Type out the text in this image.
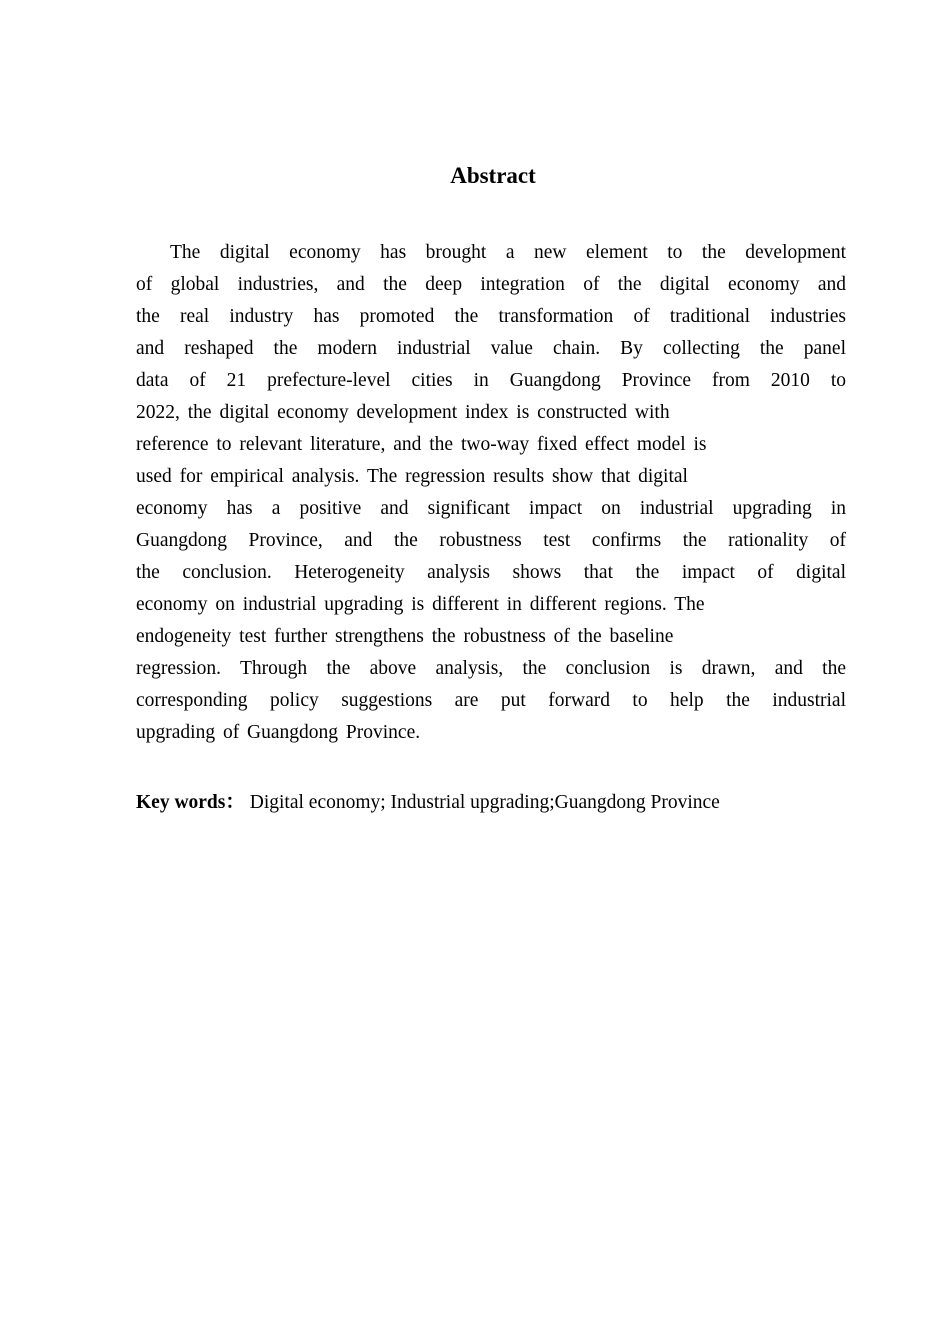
Abstract
The digital economy has brought a new element to the development
of global industries, and the deep integration of the digital economy and
the real industry has promoted the transformation of traditional industries
and reshaped the modern industrial value chain. By collecting the panel
data of 21 prefecture-level cities in Guangdong Province from 2010 to
2022, the digital economy development index is constructed with
reference to relevant literature, and the two-way fixed effect model is
used for empirical analysis. The regression results show that digital
economy has a positive and significant impact on industrial upgrading in
Guangdong Province, and the robustness test confirms the rationality of
the conclusion. Heterogeneity analysis shows that the impact of digital
economy on industrial upgrading is different in different regions. The
endogeneity test further strengthens the robustness of the baseline
regression. Through the above analysis, the conclusion is drawn, and the
corresponding policy suggestions are put forward to help the industrial
upgrading of Guangdong Province.
Key words： Digital economy; Industrial upgrading;Guangdong Province
